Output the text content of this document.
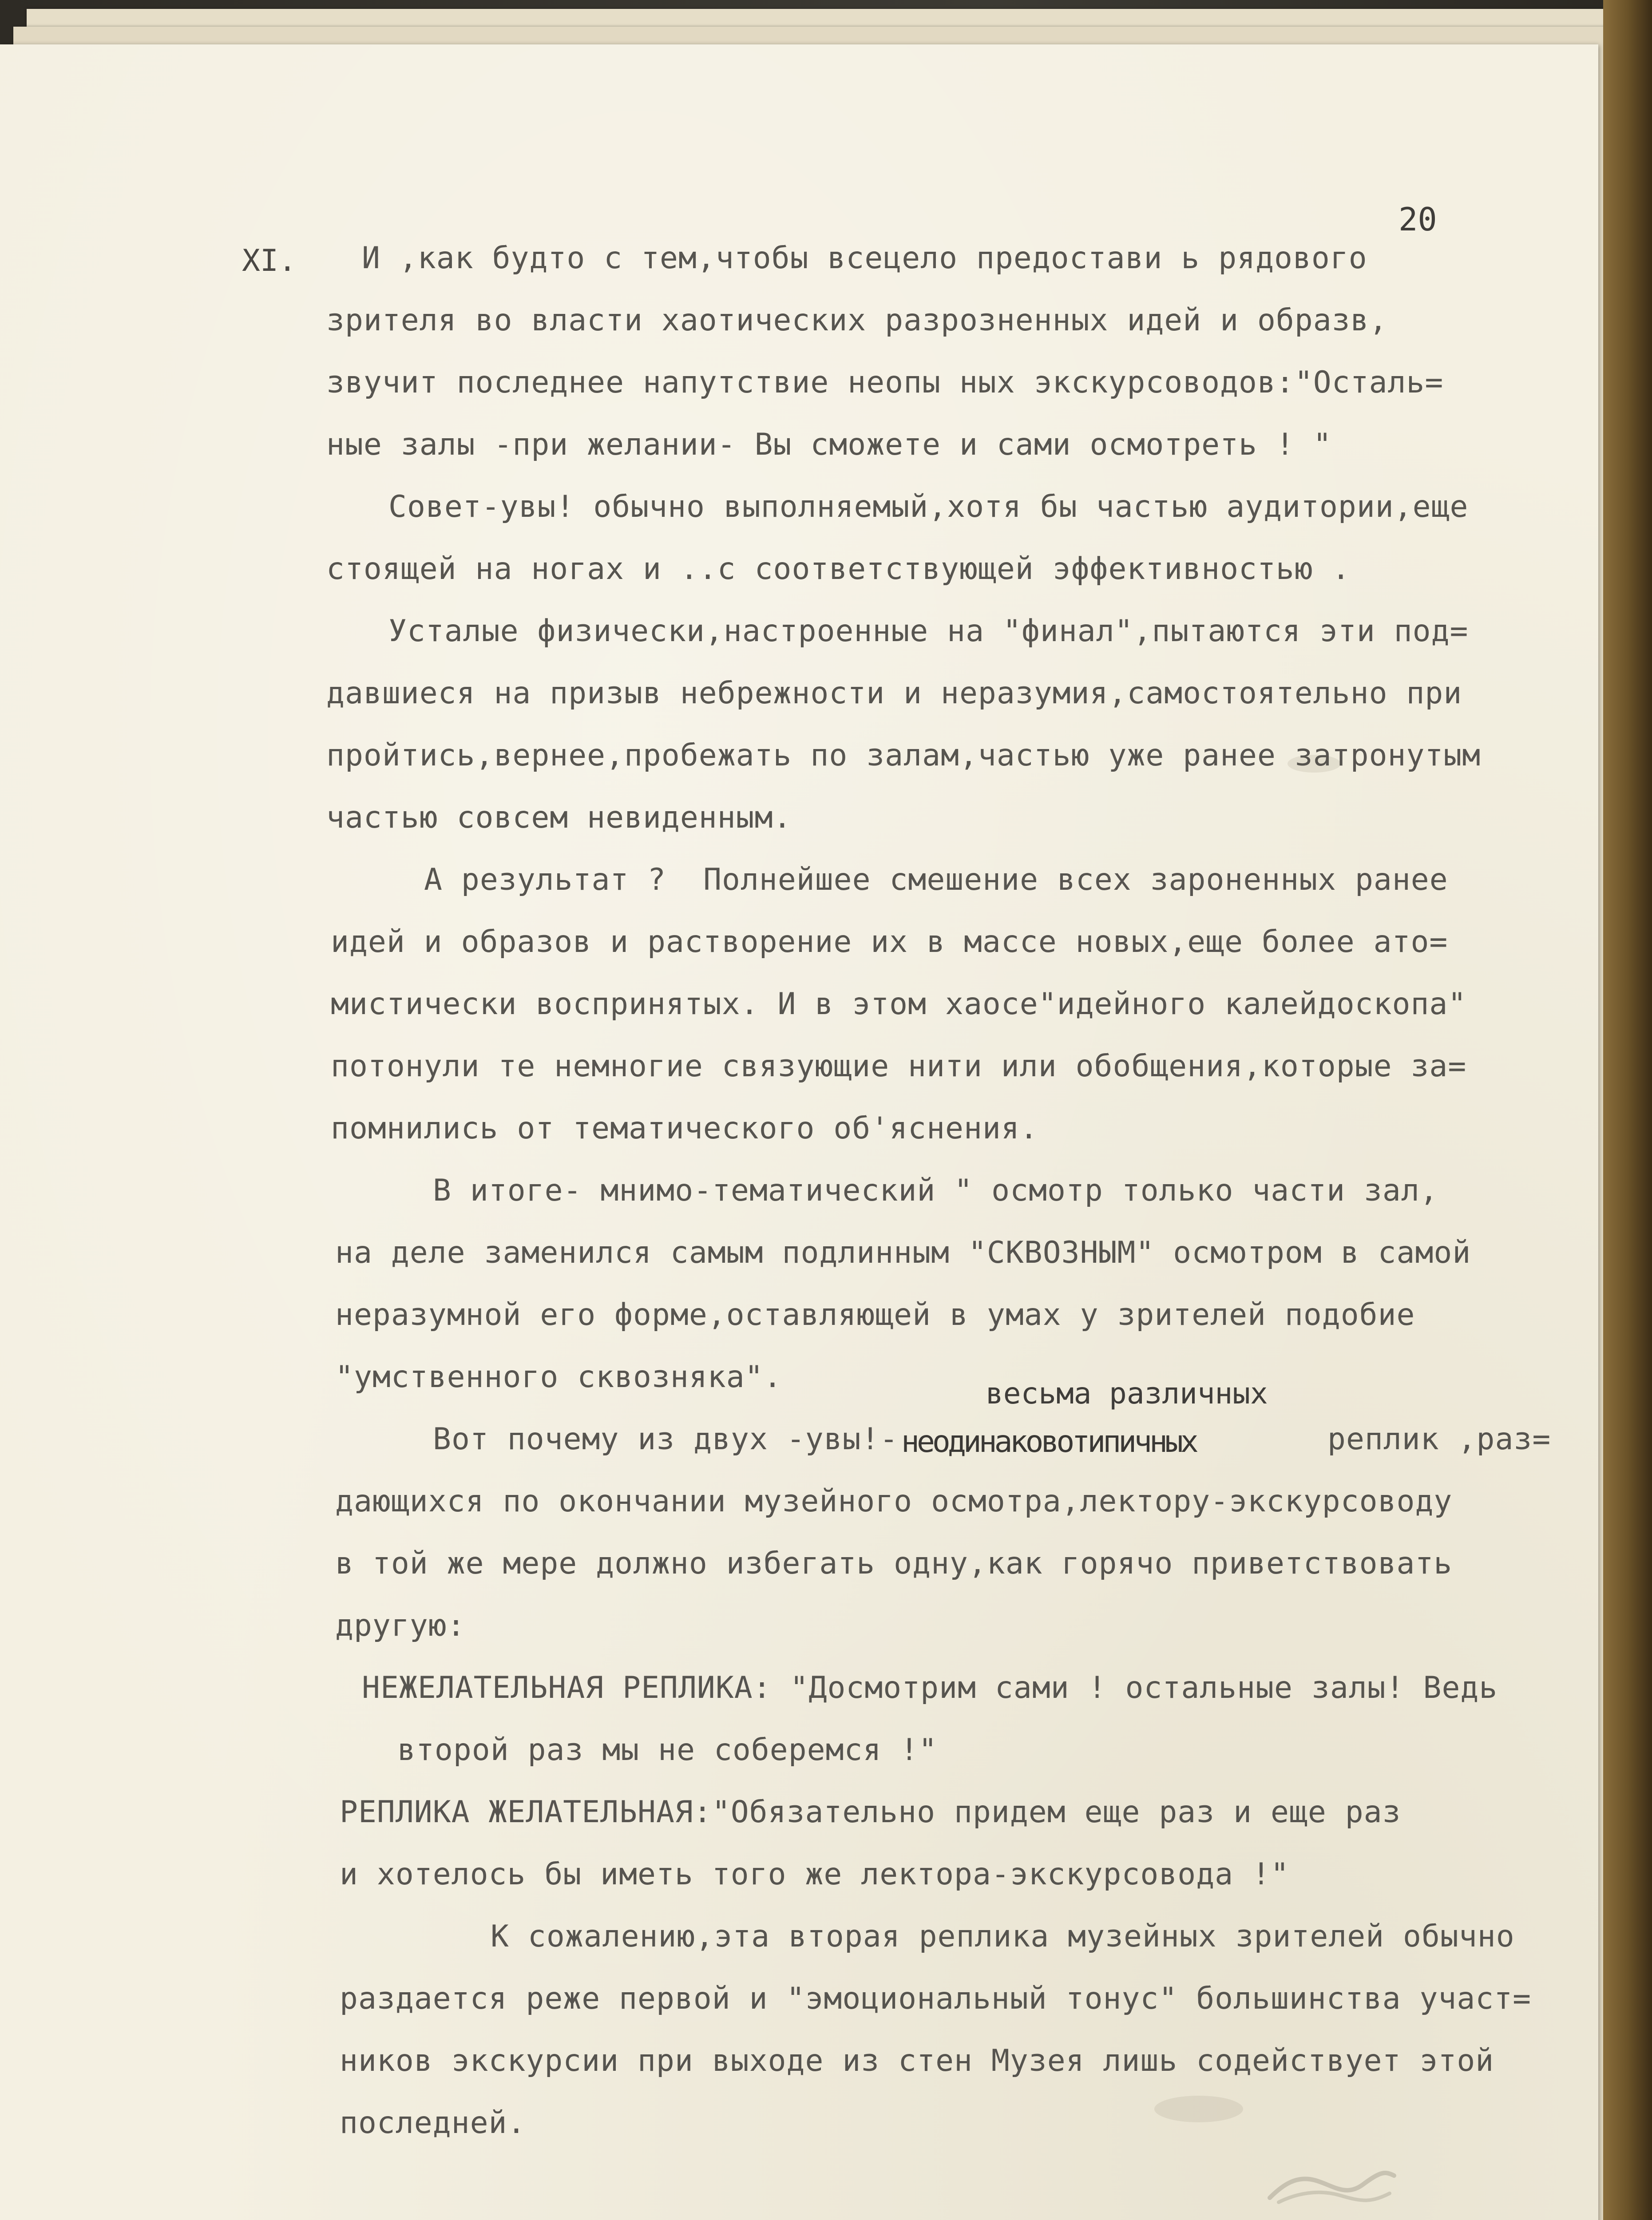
20
XI. И ,как будто с тем,чтобы всецело предостави ь рядового
зрителя во власти хаотических разрозненных идей и образв,
звучит последнее напутствие неопы ных экскурсоводов:"Осталь=
ные залы -при желании- Вы сможете и сами осмотреть ! "
Совет-увы! обычно выполняемый,хотя бы частью аудитории,еще
стоящей на ногах и ..с соответствующей эффективностью .
Усталые физически,настроенные на "финал",пытаются эти под=
давшиеся на призыв небрежности и неразумия,самостоятельно при
пройтись,вернее,пробежать по залам,частью уже ранее затронутым
частью совсем невиденным.
А результат ?  Полнейшее смешение всех зароненных ранее
идей и образов и растворение их в массе новых,еще более ато=
мистически воспринятых. И в этом хаосе"идейного калейдоскопа"
потонули те немногие связующие нити или обобщения,которые за=
помнились от тематического об'яснения.
В итоге- мнимо-тематический " осмотр только части зал,
на деле заменился самым подлинным "СКВОЗНЫМ" осмотром в самой
неразумной его форме,оставляющей в умах у зрителей подобие
"умственного сквозняка".	весьма различных
Вот почему из двух -увы!- неодинаковотипичных	реплик ,раз=
дающихся по окончании музейного осмотра,лектору-экскурсоводу
в той же мере должно избегать одну,как горячо приветствовать
другую:
НЕЖЕЛАТЕЛЬНАЯ РЕПЛИКА: "Досмотрим сами ! остальные залы! Ведь
второй раз мы не соберемся !"
РЕПЛИКА ЖЕЛАТЕЛЬНАЯ:"Обязательно придем еще раз и еще раз
и хотелось бы иметь того же лектора-экскурсовода !"
К сожалению,эта вторая реплика музейных зрителей обычно
раздается реже первой и "эмоциональный тонус" большинства участ=
ников экскурсии при выходе из стен Музея лишь содействует этой
последней.
